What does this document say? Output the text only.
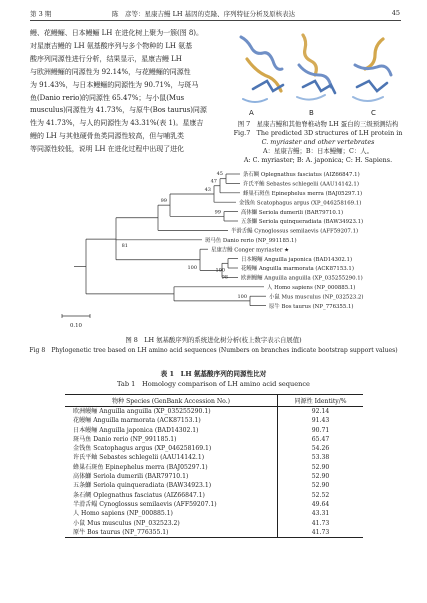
第 3 期	陈　彦等：星康吉鳗 LH 基因的克隆、序列特征分析及原核表达	45
鳗、花鳗鲡、日本鳗鲡 LH 在进化树上聚为一簇(图 8)。
对星康吉鳗的 LH 氨基酸序列与多个物种的 LH 氨基
酸序列同源性进行分析，结果显示，星康吉鳗 LH
与欧洲鳗鲡的同源性为 92.14%，与花鳗鲡的同源性
为 91.43%，与日本鳗鲡的同源性为 90.71%，与斑马
鱼(Danio rerio)的同源性 65.47%；与小鼠(Mus
musculus)同源性为 41.73%，与原牛(Bos taurus)同源
性为 41.73%，与人的同源性为 43.31%(表 1)。星康吉
鳗的 LH 与其他硬骨鱼类同源性较高，但与哺乳类
等同源性较低，说明 LH 在进化过程中出现了进化
A	B	C
图 7　星康吉鳗和其他脊椎动物 LH 蛋白的三级预测结构
Fig.7　The predicted 3D structures of LH protein in
C. myriaster and other vertebrates
A：星康吉鳗；B：日本鳗鲡；C：人。
A: C. myriaster; B: A. japonica; C: H. Sapiens.
条石鲷 Oplegnathus fasciatus (AIZ66847.1)
许氏平鲉 Sebastes schlegelii (AAU14142.1)
蜂巢石斑鱼 Epinephelus merra (BAJ05297.1)
金钱鱼 Scatophagus argus (XP_046258169.1)
高体鰤 Seriola dumerili (BAR79710.1)
五条鰤 Seriola quinqueradiata (BAW34923.1)
半滑舌鳎 Cynoglossus semilaevis (AFF59207.1)
斑马鱼 Danio rerio (NP_991185.1)
星康吉鳗 Conger myriaster ★
日本鳗鲡 Anguilla japonica (BAD14302.1)
花鳗鲡 Anguilla marmorata (ACK87153.1)
欧洲鳗鲡 Anguilla anguilla (XP_035255290.1)
人 Homo sapiens (NP_000885.1)
小鼠 Mus musculus (NP_032523.2)
原牛 Bos taurus (NP_776355.1)
45
47
43
99
99
81
100
98
100
100
0.10
图 8　LH 氨基酸序列的系统进化树分析(枝上数字表示自展值)
Fig 8　Phylogenetic tree based on LH amino acid sequences (Numbers on branches indicate bootstrap support values)
表 1　LH 氨基酸序列的同源性比对
Tab 1　Homology comparison of LH amino acid sequence
物种 Species (GenBank Accession No.)	同源性 Identity/%
欧洲鳗鲡 Anguilla anguilla (XP_035255290.1)	92.14
花鳗鲡 Anguilla marmorata (ACK87153.1)	91.43
日本鳗鲡 Anguilla japonica (BAD14302.1)	90.71
斑马鱼 Danio rerio (NP_991185.1)	65.47
金钱鱼 Scatophagus argus (XP_046258169.1)	54.26
许氏平鲉 Sebastes schlegelii (AAU14142.1)	53.38
蜂巢石斑鱼 Epinephelus merra (BAJ05297.1)	52.90
高体鰤 Seriola dumerili (BAR79710.1)	52.90
五条鰤 Seriola quinqueradiata (BAW34923.1)	52.90
条石鲷 Oplegnathus fasciatus (AIZ66847.1)	52.52
半滑舌鳎 Cynoglossus semilaevis (AFF59207.1)	49.64
人 Homo sapiens (NP_000885.1)	43.31
小鼠 Mus musculus (NP_032523.2)	41.73
原牛 Bos taurus (NP_776355.1)	41.73
